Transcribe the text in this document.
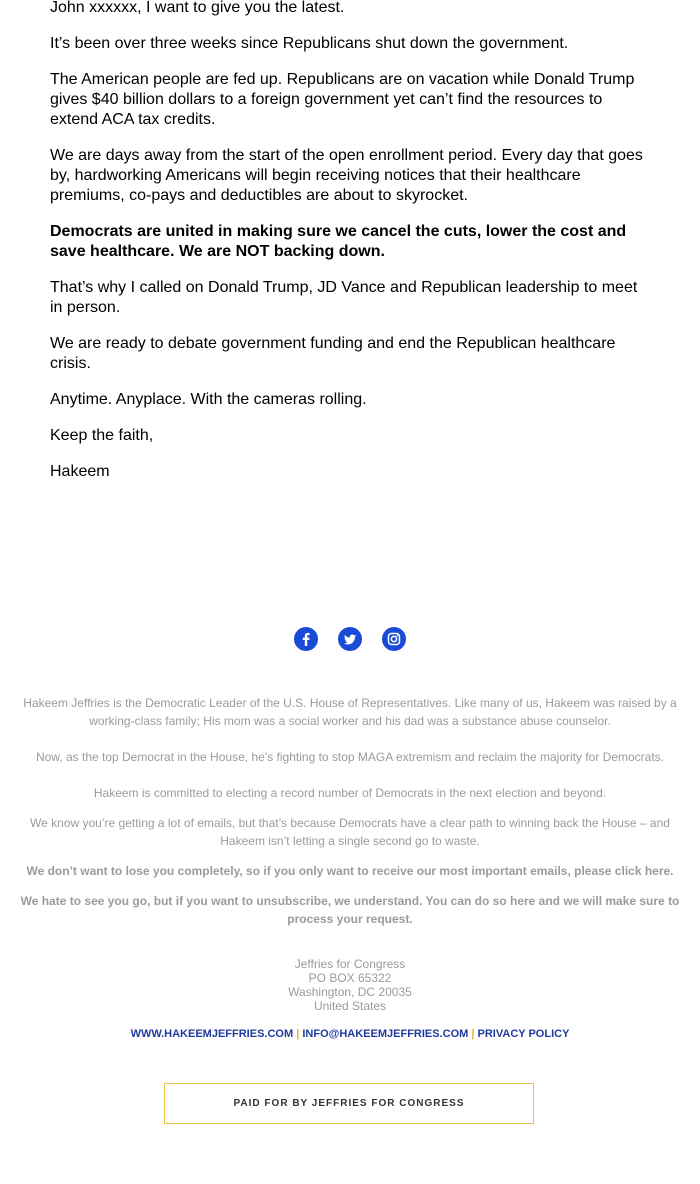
John xxxxxx, I want to give you the latest.

It’s been over three weeks since Republicans shut down the government.

The American people are fed up. Republicans are on vacation while Donald Trump gives $40 billion dollars to a foreign government yet can’t find the resources to extend ACA tax credits.

We are days away from the start of the open enrollment period. Every day that goes by, hardworking Americans will begin receiving notices that their healthcare premiums, co-pays and deductibles are about to skyrocket.

Democrats are united in making sure we cancel the cuts, lower the cost and save healthcare. We are NOT backing down.

That’s why I called on Donald Trump, JD Vance and Republican leadership to meet in person.

We are ready to debate government funding and end the Republican healthcare crisis.

Anytime. Anyplace. With the cameras rolling.

Keep the faith,

Hakeem

Hakeem Jeffries is the Democratic Leader of the U.S. House of Representatives. Like many of us, Hakeem was raised by a working-class family; His mom was a social worker and his dad was a substance abuse counselor.
Now, as the top Democrat in the House, he’s fighting to stop MAGA extremism and reclaim the majority for Democrats.
Hakeem is committed to electing a record number of Democrats in the next election and beyond.
We know you’re getting a lot of emails, but that’s because Democrats have a clear path to winning back the House – and Hakeem isn’t letting a single second go to waste.
We don’t want to lose you completely, so if you only want to receive our most important emails, please click here.
We hate to see you go, but if you want to unsubscribe, we understand. You can do so here and we will make sure to process your request.
Jeffries for Congress
PO BOX 65322
Washington, DC 20035
United States
WWW.HAKEEMJEFFRIES.COM | INFO@HAKEEMJEFFRIES.COM | PRIVACY POLICY
PAID FOR BY JEFFRIES FOR CONGRESS
